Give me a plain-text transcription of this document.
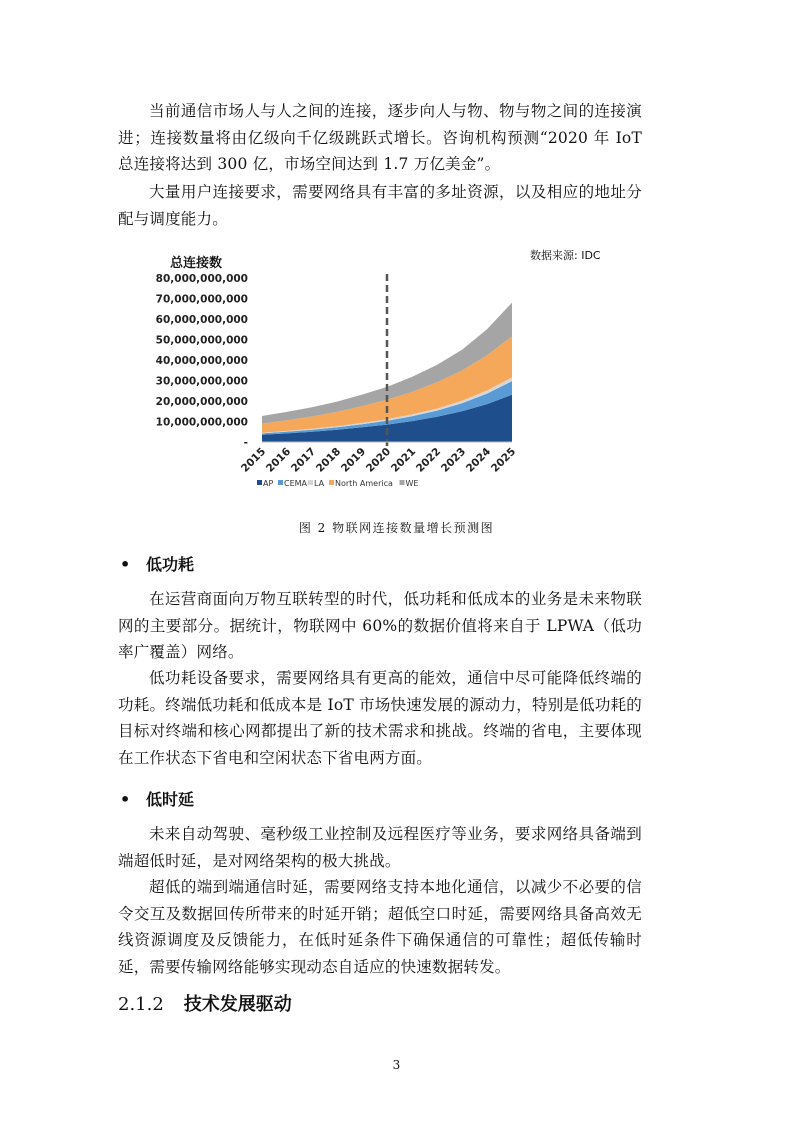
当前通信市场人与人之间的连接，逐步向人与物、物与物之间的连接演进；连接数量将由亿级向千亿级跳跃式增长。咨询机构预测“2020 年 IoT 总连接将达到 300 亿，市场空间达到 1.7 万亿美金”。

大量用户连接要求，需要网络具有丰富的多址资源，以及相应的地址分配与调度能力。

总连接数
数据来源: IDC
80,000,000,000
70,000,000,000
60,000,000,000
50,000,000,000
40,000,000,000
30,000,000,000
20,000,000,000
10,000,000,000
-
2015
2016
2017
2018
2019
2020
2021
2022
2023
2024
2025
AP CEMA LA North America WE
图 2 物联网连接数量增长预测图
• 低功耗

在运营商面向万物互联转型的时代，低功耗和低成本的业务是未来物联网的主要部分。据统计，物联网中 60%的数据价值将来自于 LPWA（低功率广覆盖）网络。

低功耗设备要求，需要网络具有更高的能效，通信中尽可能降低终端的功耗。终端低功耗和低成本是 IoT 市场快速发展的源动力，特别是低功耗的目标对终端和核心网都提出了新的技术需求和挑战。终端的省电，主要体现在工作状态下省电和空闲状态下省电两方面。

• 低时延

未来自动驾驶、毫秒级工业控制及远程医疗等业务，要求网络具备端到端超低时延，是对网络架构的极大挑战。

超低的端到端通信时延，需要网络支持本地化通信，以减少不必要的信令交互及数据回传所带来的时延开销；超低空口时延，需要网络具备高效无线资源调度及反馈能力，在低时延条件下确保通信的可靠性；超低传输时延，需要传输网络能够实现动态自适应的快速数据转发。

2.1.2 技术发展驱动
3
